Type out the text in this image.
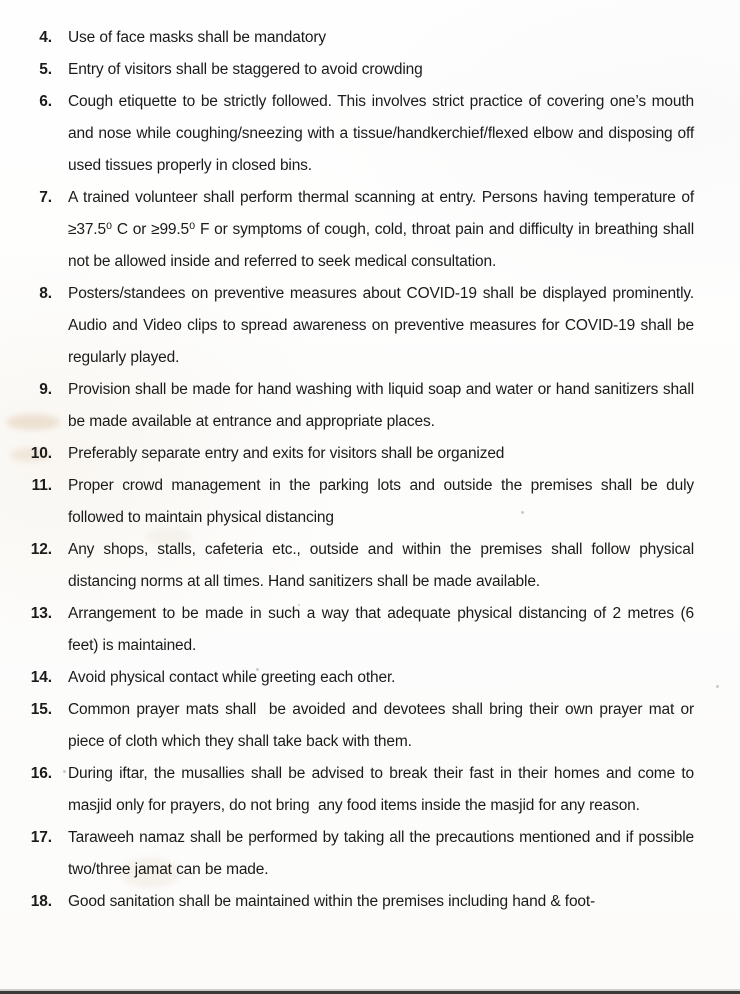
4.	Use of face masks shall be mandatory
5.	Entry of visitors shall be staggered to avoid crowding
6.	Cough etiquette to be strictly followed. This involves strict practice of covering one’s mouth and nose while coughing/sneezing with a tissue/handkerchief/flexed elbow and disposing off used tissues properly in closed bins.
7.	A trained volunteer shall perform thermal scanning at entry. Persons having temperature of ≥37.5⁰ C or ≥99.5⁰ F or symptoms of cough, cold, throat pain and difficulty in breathing shall not be allowed inside and referred to seek medical consultation.
8.	Posters/standees on preventive measures about COVID-19 shall be displayed prominently. Audio and Video clips to spread awareness on preventive measures for COVID-19 shall be regularly played.
9.	Provision shall be made for hand washing with liquid soap and water or hand sanitizers shall be made available at entrance and appropriate places.
10.	Preferably separate entry and exits for visitors shall be organized
11.	Proper crowd management in the parking lots and outside the premises shall be duly followed to maintain physical distancing
12.	Any shops, stalls, cafeteria etc., outside and within the premises shall follow physical distancing norms at all times. Hand sanitizers shall be made available.
13.	Arrangement to be made in such a way that adequate physical distancing of 2 metres (6 feet) is maintained.
14.	Avoid physical contact while greeting each other.
15.	Common prayer mats shall  be avoided and devotees shall bring their own prayer mat or piece of cloth which they shall take back with them.
16.	During iftar, the musallies shall be advised to break their fast in their homes and come to masjid only for prayers, do not bring  any food items inside the masjid for any reason.
17.	Taraweeh namaz shall be performed by taking all the precautions mentioned and if possible two/three jamat can be made.
18.	Good sanitation shall be maintained within the premises including hand & foot-
